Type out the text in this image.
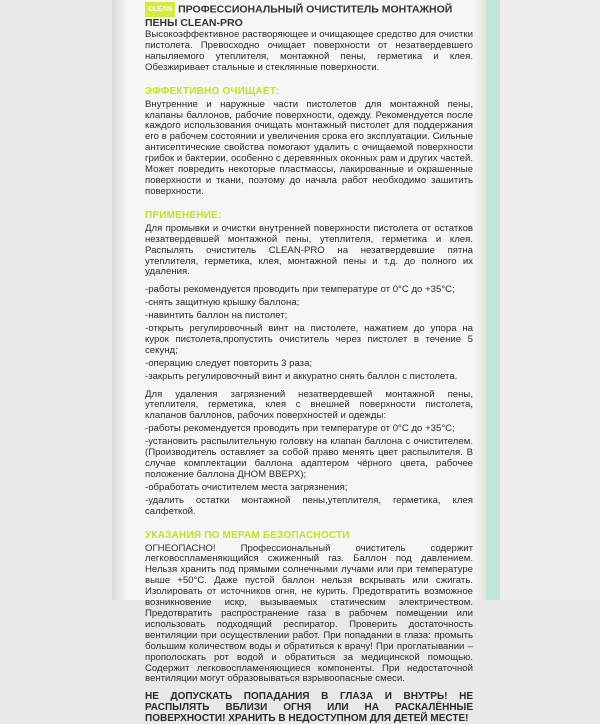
CLEAN ПРОФЕССИОНАЛЬНЫЙ ОЧИСТИТЕЛЬ МОНТАЖНОЙ ПЕНЫ CLEAN-PRO

Высокоэффективное растворяющее и очищающее средство для очистки пистолета. Превосходно очищает поверхности от незатвердевшего напыляемого утеплителя, монтажной пены, герметика и клея. Обезжиривает стальные и стеклянные поверхности.

ЭФФЕКТИВНО ОЧИЩАЕТ:

Внутренние и наружные части пистолетов для монтажной пены, клапаны баллонов, рабочие поверхности, одежду. Рекомендуется после каждого использования очищать монтажный пистолет для поддержания его в рабочем состоянии и увеличения срока его эксплуатации. Сильные антисептические свойства помогают удалить с очищаемой поверхности грибок и бактерии, особенно с деревянных оконных рам и других частей. Может повредить некоторые пластмассы, лакированные и окрашенные поверхности и ткани, поэтому до начала работ необходимо зашитить поверхности.

ПРИМЕНЕНИЕ:

Для промывки и очистки внутренней поверхности пистолета от остатков незатвердевшей монтажной пены, утеплителя, герметика и клея. Распылять очиститель CLEAN-PRO на незатвердевшие пятна утеплителя, герметика, клея, монтажной пены и т.д. до полного их удаления.

-работы рекомендуется проводить при температуре от 0°C до +35°C;

-снять защитную крышку баллона;

-навинтить баллон на пистолет;

-открыть регулировочный винт на пистолете, нажатием до упора на курок пистолета,пропустить очиститель через пистолет в течение 5 секунд;

-операцию следует повторить 3 раза;

-закрыть регулировочный винт и аккуратно снять баллон с пистолета.

Для удаления загрязнений незатвердевшей монтажной пены, утеплителя, герметика, клея с внешней поверхности пистолета, клапанов баллонов, рабочих поверхностей и одежды:

-работы рекомендуется проводить при температуре от 0°C до +35°C;

-установить распылительную головку на клапан баллона с очистителем. (Производитель оставляет за собой право менять цвет распылителя. В случае комплектации баллона адаптером чёрного цвета, рабочее положение баллона ДНОМ ВВЕРХ);

-обработать очистителем места загрязнения;

-удалить остатки монтажной пены,утеплителя, герметика, клея салфеткой.

УКАЗАНИЯ ПО МЕРАМ БЕЗОПАСНОСТИ

ОГНЕОПАСНО! Профессиональный очиститель содержит легковоспламеняющийся сжиженный газ. Баллон под давлением. Нельзя хранить под прямыми солнечными лучами или при температуре выше +50°C. Даже пустой баллон нельзя вскрывать или сжигать. Изолировать от источников огня, не курить. Предотвратить возможное возникновение искр, вызываемых статическим электричеством. Предотвратить распространение газа в рабочем помещении или использовать подходящий респиратор. Проверить достаточность вентиляции при осуществлении работ. При попадании в глаза: промыть большим количеством воды и обратиться к врачу! При проглатывании – прополоскать рот водой и обратиться за медицинской помощью. Содержит легковоспламеняющиеся компоненты. При недостаточной вентиляции могут образовываться взрывоопасные смеси.

НЕ ДОПУСКАТЬ ПОПАДАНИЯ В ГЛАЗА И ВНУТРЬ! НЕ РАСПЫЛЯТЬ ВБЛИЗИ ОГНЯ ИЛИ НА РАСКАЛЁННЫЕ ПОВЕРХНОСТИ! ХРАНИТЬ В НЕДОСТУПНОМ ДЛЯ ДЕТЕЙ МЕСТЕ!
